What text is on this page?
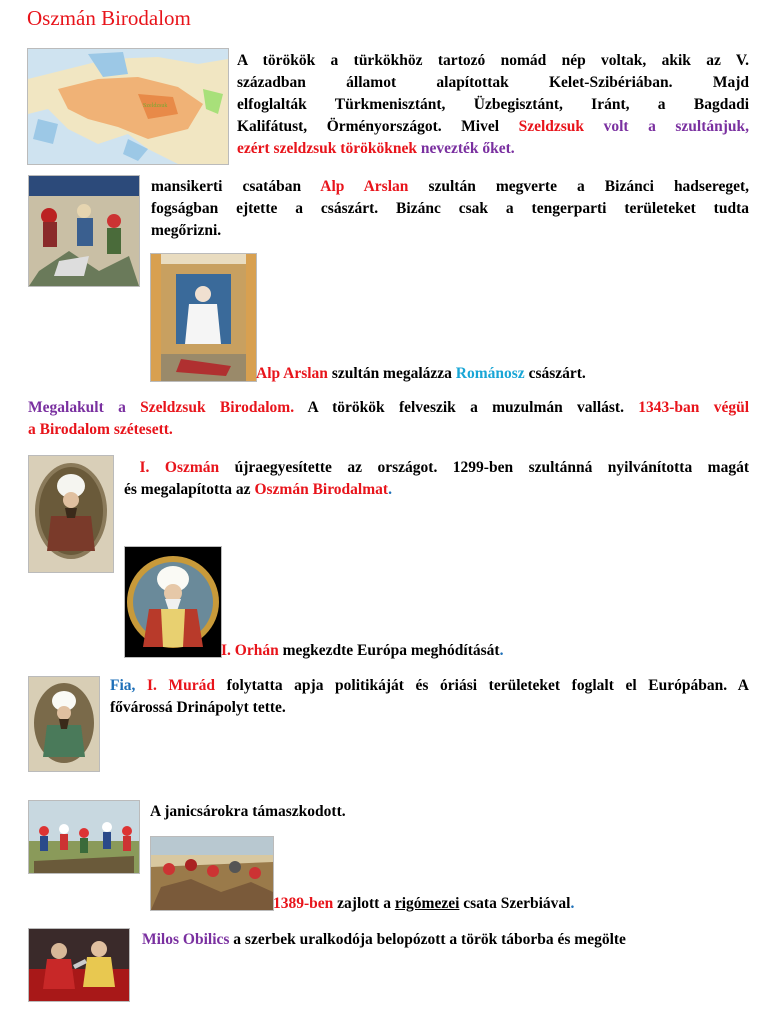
Oszmán Birodalom
Szeldzsuk
A törökök a türkökhöz tartozó nomád nép voltak, akik az V.
században államot alapítottak Kelet-Szibériában. Majd
elfoglalták Türkmenisztánt, Üzbegisztánt, Iránt, a Bagdadi
Kalifátust, Örményországot. Mivel Szeldzsuk volt a szultánjuk,
ezért szeldzsuk törököknek nevezték őket.
mansikerti csatában Alp Arslan szultán megverte a Bizánci hadsereget,
fogságban ejtette a császárt. Bizánc csak a tengerparti területeket tudta
megőrizni.
Alp Arslan szultán megalázza Románosz császárt.
Megalakult a Szeldzsuk Birodalom. A törökök felveszik a muzulmán vallást. 1343-ban végül
a Birodalom szétesett.
I. Oszmán újraegyesítette az országot. 1299-ben szultánná nyilvánította magát
és megalapította az Oszmán Birodalmat.
I. Orhán megkezdte Európa meghódítását.
Fia, I. Murád folytatta apja politikáját és óriási területeket foglalt el Európában. A
fővárossá Drinápolyt tette.
A janicsárokra támaszkodott.
1389-ben zajlott a rigómezei csata Szerbiával.
Milos Obilics a szerbek uralkodója belopózott a török táborba és megölte
